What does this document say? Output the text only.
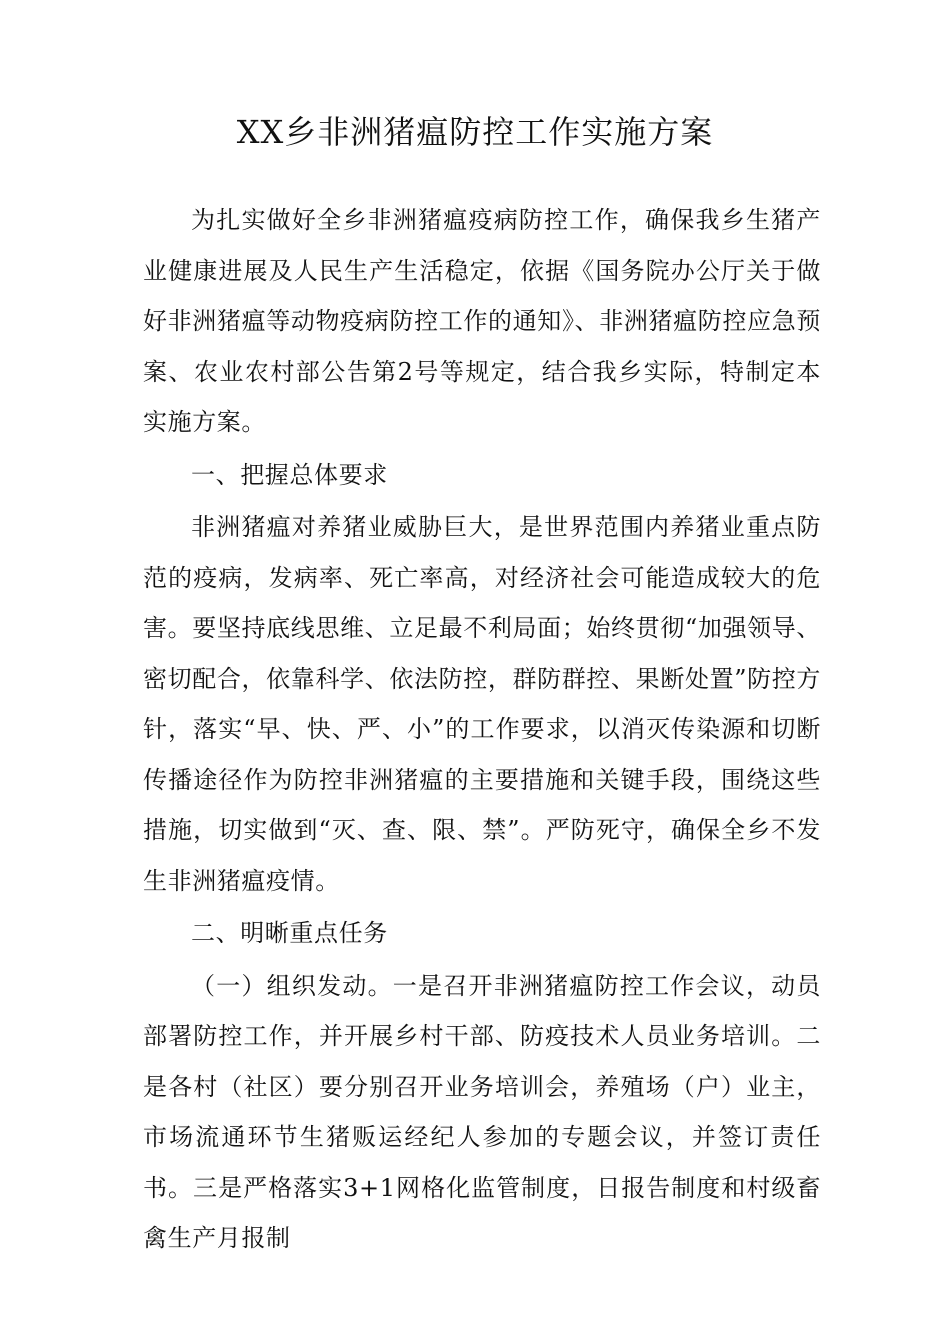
XX乡非洲猪瘟防控工作实施方案

为扎实做好全乡非洲猪瘟疫病防控工作，确保我乡生猪产业健康进展及人民生产生活稳定，依据《国务院办公厅关于做好非洲猪瘟等动物疫病防控工作的通知》、非洲猪瘟防控应急预案、农业农村部公告第2号等规定，结合我乡实际，特制定本实施方案。

一、把握总体要求

非洲猪瘟对养猪业威胁巨大，是世界范围内养猪业重点防范的疫病，发病率、死亡率高，对经济社会可能造成较大的危害。要坚持底线思维、立足最不利局面；始终贯彻“加强领导、密切配合，依靠科学、依法防控，群防群控、果断处置”防控方针，落实“早、快、严、小”的工作要求，以消灭传染源和切断传播途径作为防控非洲猪瘟的主要措施和关键手段，围绕这些措施，切实做到“灭、查、限、禁”。严防死守，确保全乡不发生非洲猪瘟疫情。

二、明晰重点任务

（一）组织发动。一是召开非洲猪瘟防控工作会议，动员部署防控工作，并开展乡村干部、防疫技术人员业务培训。二是各村（社区）要分别召开业务培训会，养殖场（户）业主，市场流通环节生猪贩运经纪人参加的专题会议，并签订责任书。三是严格落实3+1网格化监管制度，日报告制度和村级畜禽生产月报制
